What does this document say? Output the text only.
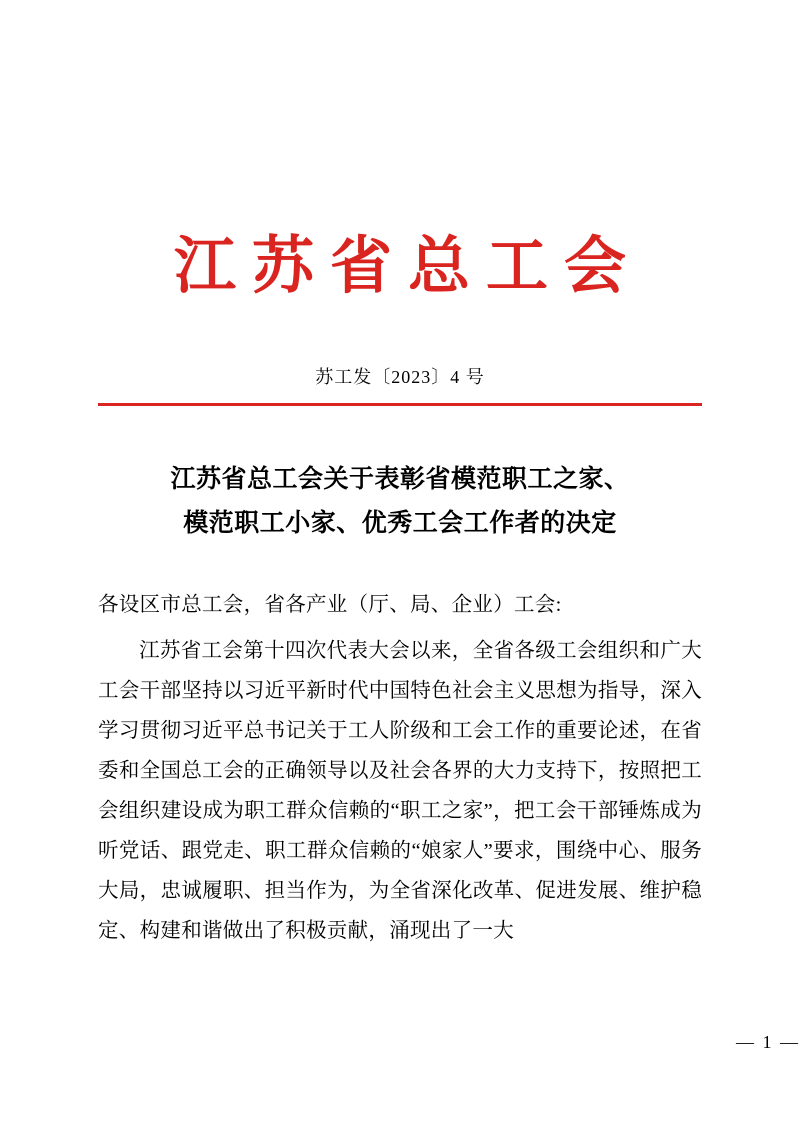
江苏省总工会
苏工发〔2023〕4 号
江苏省总工会关于表彰省模范职工之家、
模范职工小家、优秀工会工作者的决定
各设区市总工会，省各产业（厅、局、企业）工会:
江苏省工会第十四次代表大会以来，全省各级工会组织和广大工会干部坚持以习近平新时代中国特色社会主义思想为指导，深入学习贯彻习近平总书记关于工人阶级和工会工作的重要论述，在省委和全国总工会的正确领导以及社会各界的大力支持下，按照把工会组织建设成为职工群众信赖的“职工之家”，把工会干部锤炼成为听党话、跟党走、职工群众信赖的“娘家人”要求，围绕中心、服务大局，忠诚履职、担当作为，为全省深化改革、促进发展、维护稳定、构建和谐做出了积极贡献，涌现出了一大
— 1 —
